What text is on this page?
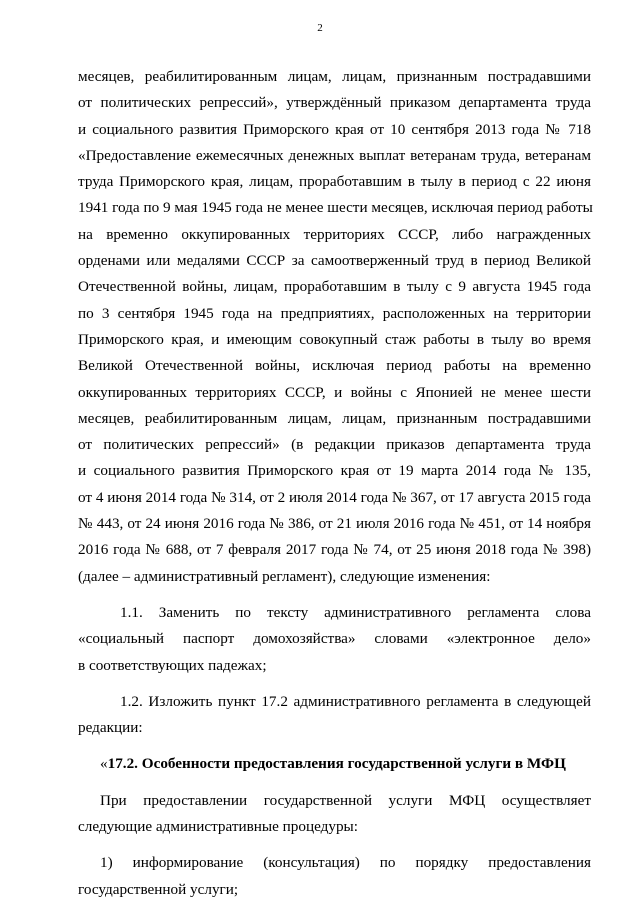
2
месяцев, реабилитированным лицам, лицам, признанным пострадавшими
от политических репрессий», утверждённый приказом департамента труда
и социального развития Приморского края от 10 сентября 2013 года № 718
«Предоставление ежемесячных денежных выплат ветеранам труда, ветеранам
труда Приморского края, лицам, проработавшим в тылу в период с 22 июня
1941 года по 9 мая 1945 года не менее шести месяцев, исключая период работы
на временно оккупированных территориях СССР, либо награжденных
орденами или медалями СССР за самоотверженный труд в период Великой
Отечественной войны, лицам, проработавшим в тылу с 9 августа 1945 года
по 3 сентября 1945 года на предприятиях, расположенных на территории
Приморского края, и имеющим совокупный стаж работы в тылу во время
Великой Отечественной войны, исключая период работы на временно
оккупированных территориях СССР, и войны с Японией не менее шести
месяцев, реабилитированным лицам, лицам, признанным пострадавшими
от политических репрессий» (в редакции приказов департамента труда
и социального развития Приморского края от 19 марта 2014 года № 135,
от 4 июня 2014 года № 314, от 2 июля 2014 года № 367, от 17 августа 2015 года
№ 443, от 24 июня 2016 года № 386, от 21 июля 2016 года № 451, от 14 ноября
2016 года № 688, от 7 февраля 2017 года № 74, от 25 июня 2018 года № 398)
(далее – административный регламент), следующие изменения:
1.1. Заменить по тексту административного регламента слова
«социальный паспорт домохозяйства» словами «электронное дело»
в соответствующих падежах;
1.2. Изложить пункт 17.2 административного регламента в следующей
редакции:
«17.2. Особенности предоставления государственной услуги в МФЦ
При предоставлении государственной услуги МФЦ осуществляет
следующие административные процедуры:
1) информирование (консультация) по порядку предоставления
государственной услуги;
